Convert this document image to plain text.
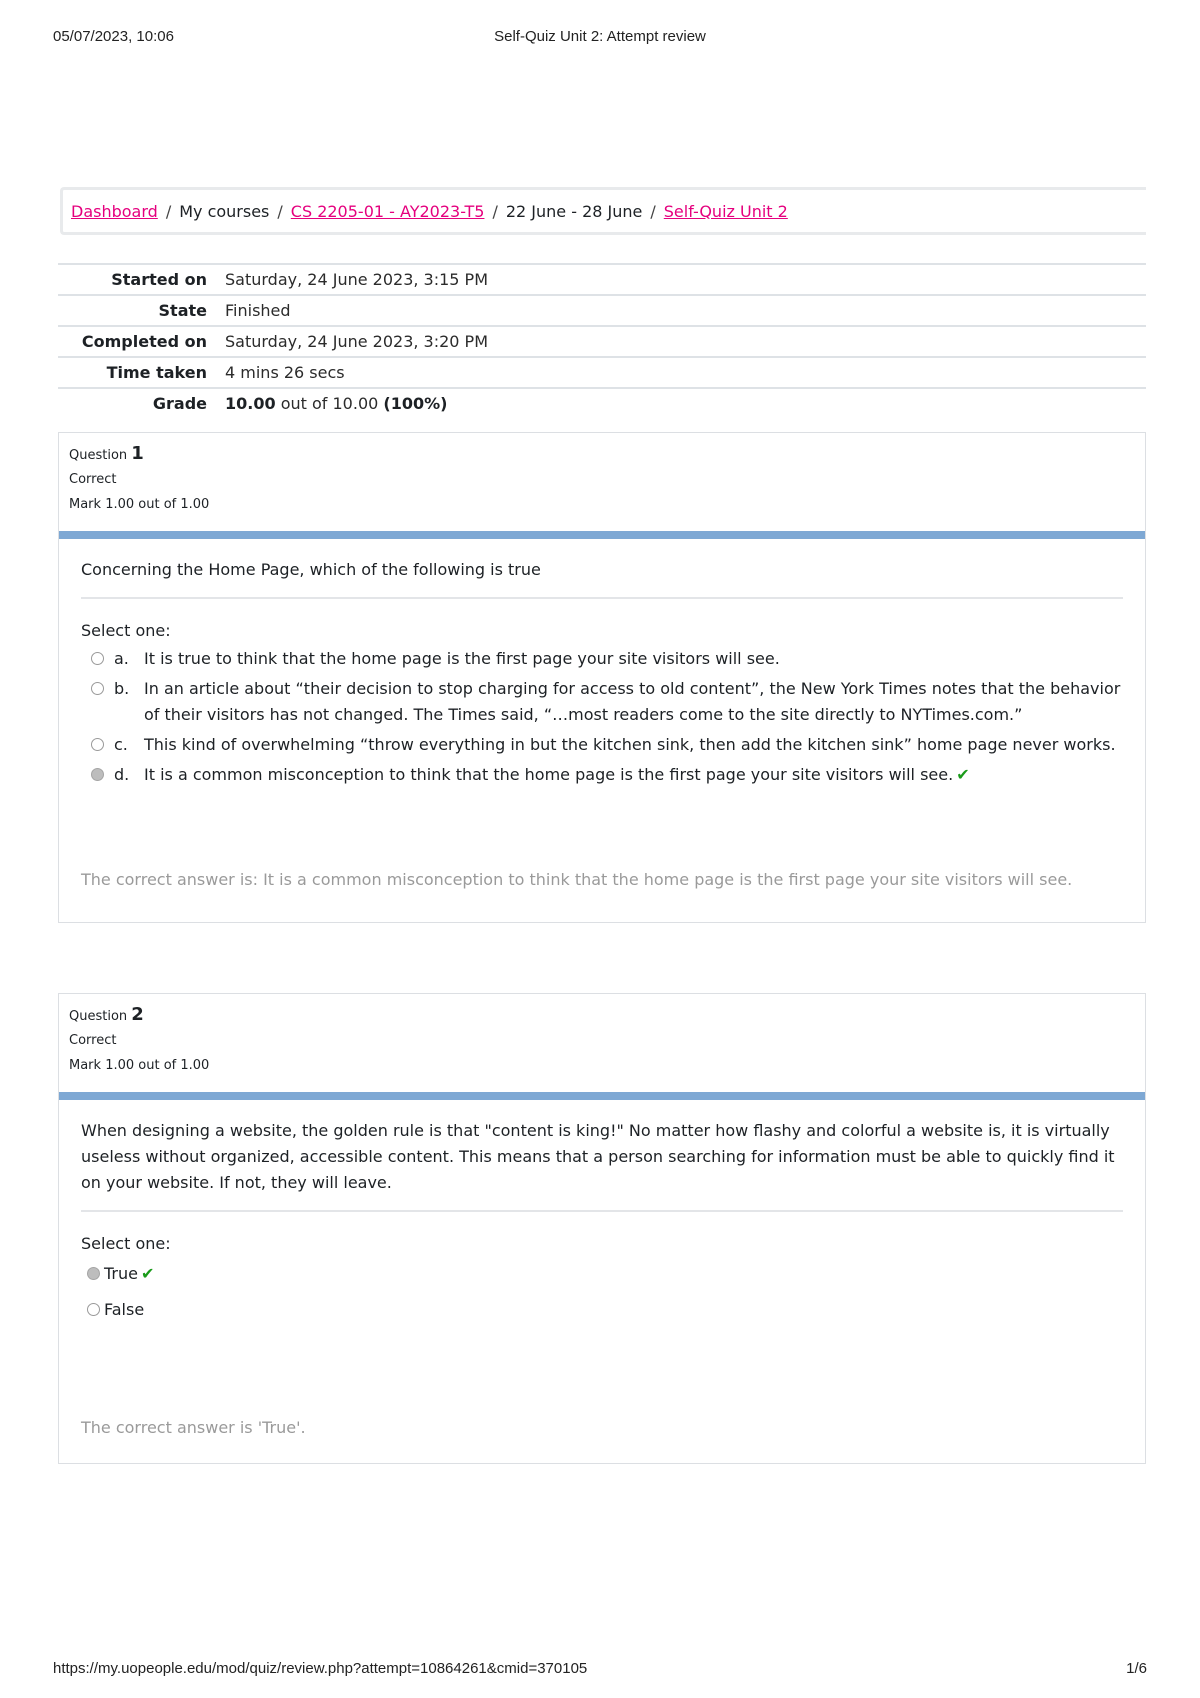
05/07/2023, 10:06	Self-Quiz Unit 2: Attempt review
Dashboard / My courses / CS 2205-01 - AY2023-T5 / 22 June - 28 June / Self-Quiz Unit 2
Started on	Saturday, 24 June 2023, 3:15 PM
State	Finished
Completed on	Saturday, 24 June 2023, 3:20 PM
Time taken	4 mins 26 secs
Grade	10.00 out of 10.00 (100%)
Question 1
Correct
Mark 1.00 out of 1.00
Concerning the Home Page, which of the following is true
Select one:
a. It is true to think that the home page is the first page your site visitors will see.
b. In an article about “their decision to stop charging for access to old content”, the New York Times notes that the behavior of their visitors has not changed. The Times said, “…most readers come to the site directly to NYTimes.com.”
c.	This kind of overwhelming “throw everything in but the kitchen sink, then add the kitchen sink” home page never works.
d. It is a common misconception to think that the home page is the first page your site visitors will see. ✔
The correct answer is: It is a common misconception to think that the home page is the first page your site visitors will see.
Question 2
Correct
Mark 1.00 out of 1.00
When designing a website, the golden rule is that "content is king!" No matter how flashy and colorful a website is, it is virtually useless without organized, accessible content. This means that a person searching for information must be able to quickly find it on your website. If not, they will leave.
Select one:
True ✔
False
The correct answer is 'True'.
https://my.uopeople.edu/mod/quiz/review.php?attempt=10864261&cmid=370105	1/6
